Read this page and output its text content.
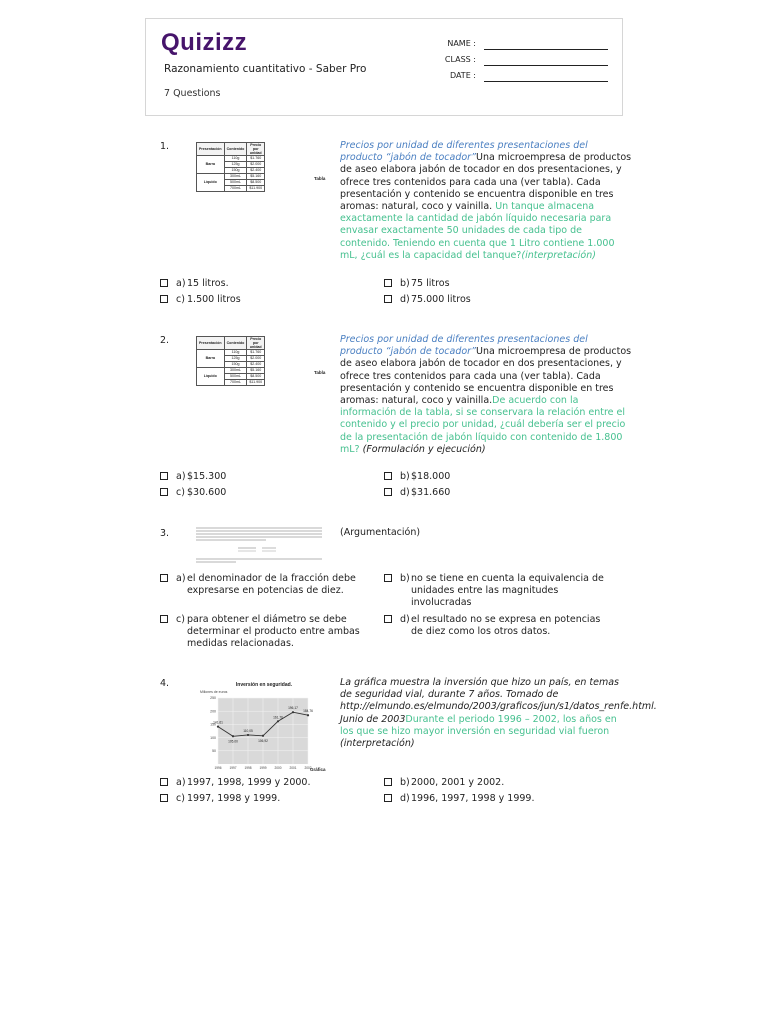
Quizizz
Razonamiento cuantitativo - Saber Pro
7 Questions
NAME :
CLASS :
DATE :
1.	Presentación	Contenido	Precio por unidad
Barra	110g	$1.760
	125g	$2.000
	150g	$2.400
Líquido	300mL	$5.160
	500mL	$8.500
	700mL	$11.900
Tabla
Precios por unidad de diferentes presentaciones del producto “jabón de tocador”Una microempresa de productos de aseo elabora jabón de tocador en dos presentaciones, y ofrece tres contenidos para cada una (ver tabla). Cada presentación y contenido se encuentra disponible en tres aromas: natural, coco y vainilla. Un tanque almacena exactamente la cantidad de jabón líquido necesaria para envasar exactamente 50 unidades de cada tipo de contenido. Teniendo en cuenta que 1 Litro contiene 1.000 mL, ¿cuál es la capacidad del tanque?(interpretación)
2.	Presentación	Contenido	Precio por unidad
Barra	110g	$1.760
	125g	$2.000
	150g	$2.400
Líquido	300mL	$5.160
	500mL	$8.500
	700mL	$11.900
Tabla
Precios por unidad de diferentes presentaciones del producto “jabón de tocador”Una microempresa de productos de aseo elabora jabón de tocador en dos presentaciones, y ofrece tres contenidos para cada una (ver tabla). Cada presentación y contenido se encuentra disponible en tres aromas: natural, coco y vainilla.De acuerdo con la información de la tabla, si se conservara la relación entre el contenido y el precio por unidad, ¿cuál debería ser el precio de la presentación de jabón líquido con contenido de 1.800 mL? (Formulación y ejecución)
3.	(Argumentación)
4.
50
100
150
200
250
1996 1997 1998 1999 2000 2001 2002
Inversión en seguridad.
Millones de euros
Gráfica
141,61
105,00
110,05
106,92
161,76
196,17
184,76
La gráfica muestra la inversión que hizo un país, en temas de seguridad vial, durante 7 años. Tomado de http://elmundo.es/elmundo/2003/graficos/jun/s1/datos_renfe.html. Junio de 2003Durante el periodo 1996 – 2002, los años en los que se hizo mayor inversión en seguridad vial fueron (interpretación)
a) 15 litros.	b) 75 litros
c) 1.500 litros	d) 75.000 litros
a) $15.300	b) $18.000
c) $30.600	d) $31.660
a) el denominador de la fracción debe expresarse en potencias de diez.
b) no se tiene en cuenta la equivalencia de unidades entre las magnitudes involucradas
c) para obtener el diámetro se debe determinar el producto entre ambas medidas relacionadas.
d) el resultado no se expresa en potencias de diez como los otros datos.
a) 1997, 1998, 1999 y 2000.	b) 2000, 2001 y 2002.
c) 1997, 1998 y 1999.	d) 1996, 1997, 1998 y 1999.
